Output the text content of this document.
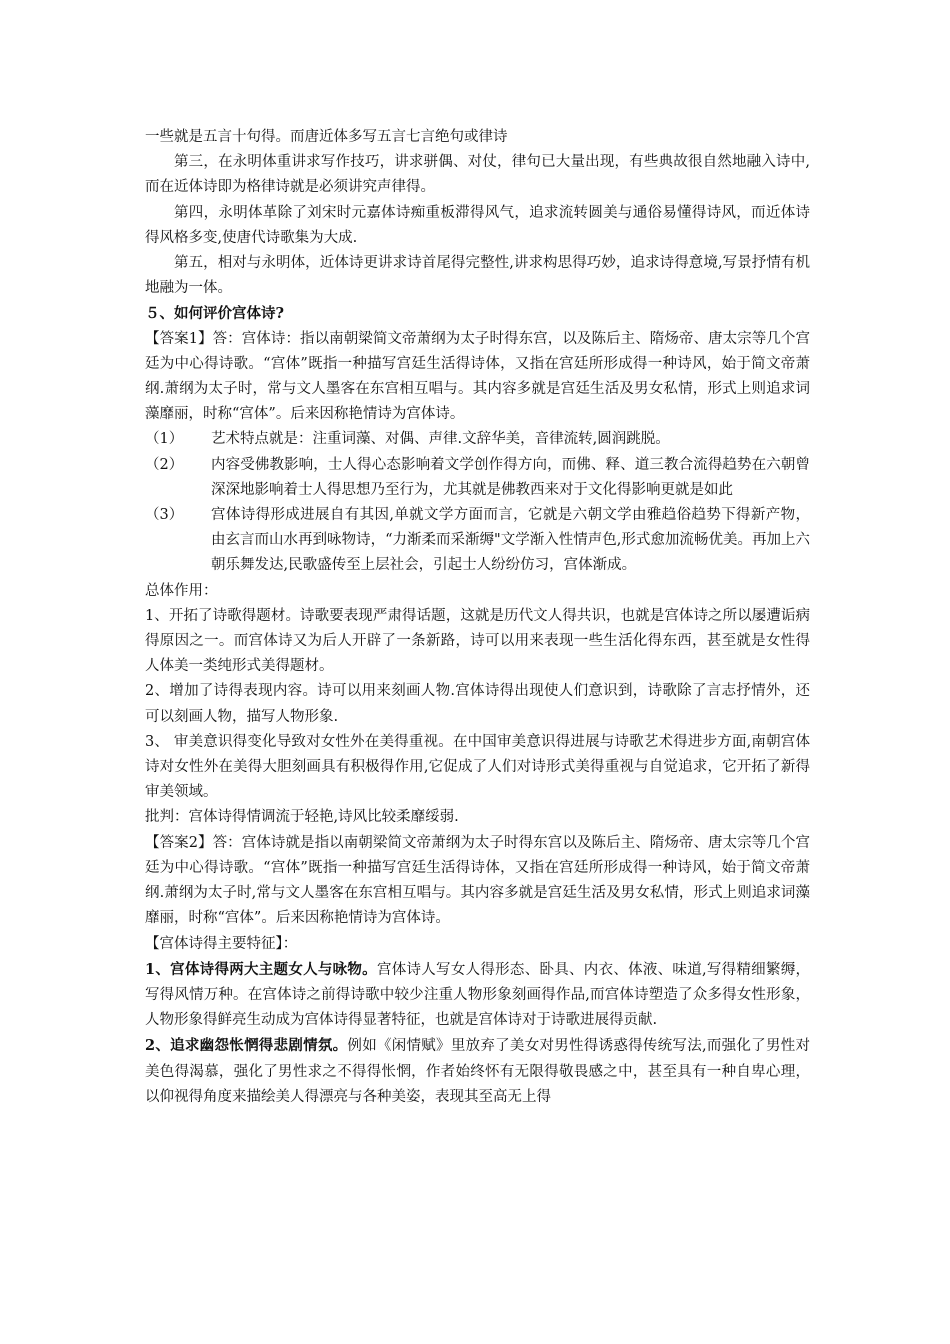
一些就是五言十句得。而唐近体多写五言七言绝句或律诗

第三，在永明体重讲求写作技巧，讲求骈偶、对仗，律句已大量出现，有些典故很自然地融入诗中,而在近体诗即为格律诗就是必须讲究声律得。

第四，永明体革除了刘宋时元嘉体诗痴重板滞得风气，追求流转圆美与通俗易懂得诗风，而近体诗得风格多变,使唐代诗歌集为大成.

第五，相对与永明体，近体诗更讲求诗首尾得完整性,讲求构思得巧妙，追求诗得意境,写景抒情有机地融为一体。

５、如何评价宫体诗?

【答案1】答：宫体诗：指以南朝梁简文帝萧纲为太子时得东宫，以及陈后主、隋炀帝、唐太宗等几个宫廷为中心得诗歌。“宫体”既指一种描写宫廷生活得诗体，又指在宫廷所形成得一种诗风，始于简文帝萧纲.萧纲为太子时，常与文人墨客在东宫相互唱与。其内容多就是宫廷生活及男女私情，形式上则追求词藻靡丽，时称“宫体”。后来因称艳情诗为宫体诗。

（1）	艺术特点就是：注重词藻、对偶、声律.文辞华美，音律流转,圆润跳脱。
（2）	内容受佛教影响，士人得心态影响着文学创作得方向，而佛、释、道三教合流得趋势在六朝曾深深地影响着士人得思想乃至行为，尤其就是佛教西来对于文化得影响更就是如此
（3）	宫体诗得形成进展自有其因,单就文学方面而言，它就是六朝文学由雅趋俗趋势下得新产物，由玄言而山水再到咏物诗，“力渐柔而采渐缛"文学渐入性情声色,形式愈加流畅优美。再加上六朝乐舞发达,民歌盛传至上层社会，引起士人纷纷仿习，宫体渐成。

总体作用：

1、开拓了诗歌得题材。诗歌要表现严肃得话题，这就是历代文人得共识，也就是宫体诗之所以屡遭诟病得原因之一。而宫体诗又为后人开辟了一条新路，诗可以用来表现一些生活化得东西，甚至就是女性得人体美一类纯形式美得题材。

2、增加了诗得表现内容。诗可以用来刻画人物.宫体诗得出现使人们意识到，诗歌除了言志抒情外，还可以刻画人物，描写人物形象.

3、 审美意识得变化导致对女性外在美得重视。在中国审美意识得进展与诗歌艺术得进步方面,南朝宫体诗对女性外在美得大胆刻画具有积极得作用,它促成了人们对诗形式美得重视与自觉追求，它开拓了新得审美领域。

批判：宫体诗得情调流于轻艳,诗风比较柔靡绥弱.

【答案2】答：宫体诗就是指以南朝梁简文帝萧纲为太子时得东宫以及陈后主、隋炀帝、唐太宗等几个宫廷为中心得诗歌。“宫体”既指一种描写宫廷生活得诗体，又指在宫廷所形成得一种诗风，始于简文帝萧纲.萧纲为太子时,常与文人墨客在东宫相互唱与。其内容多就是宫廷生活及男女私情，形式上则追求词藻靡丽，时称“宫体”。后来因称艳情诗为宫体诗。

【宫体诗得主要特征】：

1、宫体诗得两大主题女人与咏物。宫体诗人写女人得形态、卧具、内衣、体液、味道,写得精细繁缛，写得风情万种。在宫体诗之前得诗歌中较少注重人物形象刻画得作品,而宫体诗塑造了众多得女性形象，人物形象得鲜亮生动成为宫体诗得显著特征，也就是宫体诗对于诗歌进展得贡献.

2、追求幽怨怅惘得悲剧情氛。例如《闲情赋》里放弃了美女对男性得诱惑得传统写法,而强化了男性对美色得渴慕，强化了男性求之不得得怅惘，作者始终怀有无限得敬畏感之中，甚至具有一种自卑心理，以仰视得角度来描绘美人得漂亮与各种美姿，表现其至高无上得
